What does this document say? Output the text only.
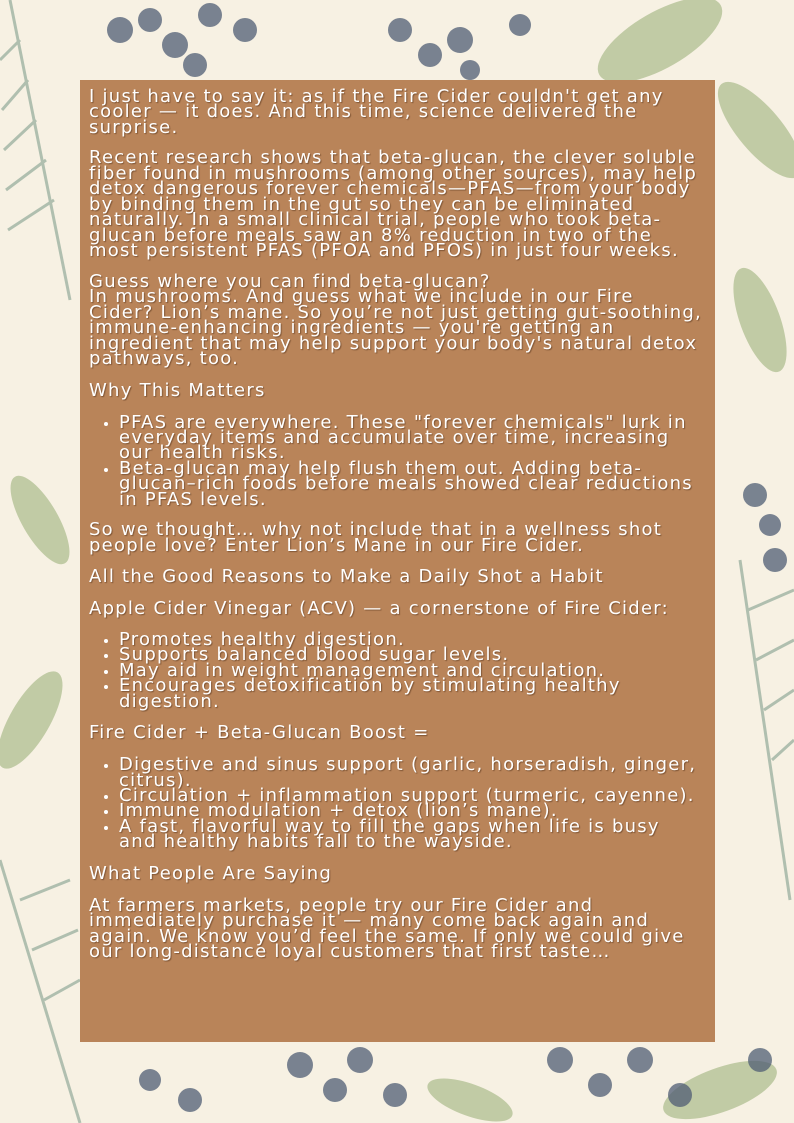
I just have to say it: as if the Fire Cider couldn't get any cooler — it does. And this time, science delivered the surprise.

Recent research shows that beta-glucan, the clever soluble fiber found in mushrooms (among other sources), may help detox dangerous forever chemicals—PFAS—from your body by binding them in the gut so they can be eliminated naturally. In a small clinical trial, people who took beta-glucan before meals saw an 8% reduction in two of the most persistent PFAS (PFOA and PFOS) in just four weeks.

Guess where you can find beta-glucan?
In mushrooms. And guess what we include in our Fire Cider? Lion’s mane. So you’re not just getting gut-soothing, immune-enhancing ingredients — you're getting an ingredient that may help support your body's natural detox pathways, too.

Why This Matters
• PFAS are everywhere. These "forever chemicals" lurk in everyday items and accumulate over time, increasing our health risks.
• Beta-glucan may help flush them out. Adding beta-glucan–rich foods before meals showed clear reductions in PFAS levels.

So we thought… why not include that in a wellness shot people love? Enter Lion’s Mane in our Fire Cider.

All the Good Reasons to Make a Daily Shot a Habit

Apple Cider Vinegar (ACV) — a cornerstone of Fire Cider:

• Promotes healthy digestion.
• Supports balanced blood sugar levels.
• May aid in weight management and circulation.
• Encourages detoxification by stimulating healthy digestion.
Fire Cider + Beta-Glucan Boost =
• Digestive and sinus support (garlic, horseradish, ginger, citrus).
• Circulation + inflammation support (turmeric, cayenne).
• Immune modulation + detox (lion’s mane).
• A fast, flavorful way to fill the gaps when life is busy and healthy habits fall to the wayside.
What People Are Saying

At farmers markets, people try our Fire Cider and immediately purchase it — many come back again and again. We know you’d feel the same. If only we could give our long-distance loyal customers that first taste…
